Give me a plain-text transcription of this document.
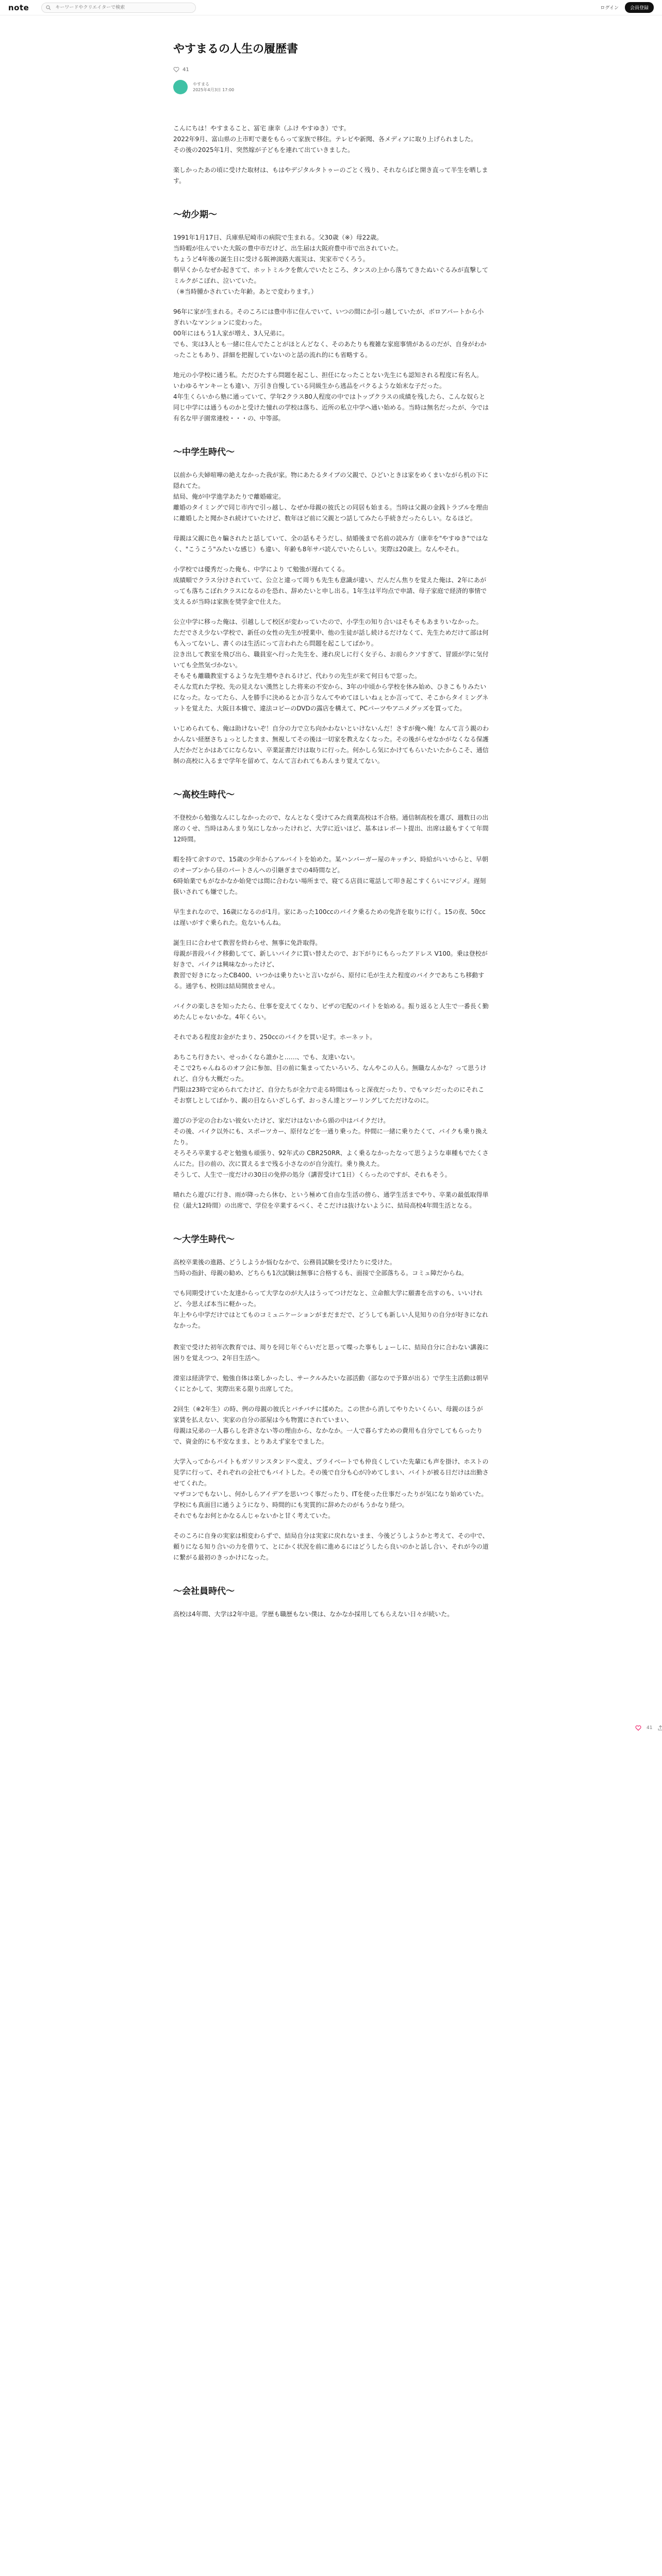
note
キーワードやクリエイターで検索	ログイン	会員登録
やすまるの人生の履歴書
41
やすまる
2025年4月3日 17:00

こんにちは！やすまること、冨宅 康幸（ふけ やすゆき）です。
2022年9月、富山県の上市町で妻をもらって家族で移住。テレビや新聞、各メディアに取り上げられました。
その後の2025年1月、突然嫁が子どもを連れて出ていきました。

楽しかったあの頃に受けた取材は、もはやデジタルタトゥーのごとく残り、それならばと開き直って半生を晒します。

〜幼少期〜

1991年1月17日、兵庫県尼崎市の病院で生まれる。父30歳（※）母22歳。
当時暇が住んでいた大阪の豊中市だけど、出生届は大阪府豊中市で出されていた。
ちょうど4年後の誕生日に受ける阪神淡路大震災は、実家市でくろう。
朝早くからなぜか起きてて、ホットミルクを飲んでいたところ、タンスの上から落ちてきたぬいぐるみが直撃してミルクがこぼれ、泣いていた。
（※当時腫かされていた年齢。あとで変わります。）

96年に家が生まれる。そのころには豊中市に住んでいて、いつの間にか引っ越していたが、ボロアパートから小ぎれいなマンションに変わった。
00年にはもう1人家が増え、3人兄弟に。
でも、実は3人とも一緒に住んでたことがほとんどなく、そのあたりも複雑な家庭事情があるのだが、自身がわかったこともあり、詳細を把握していないのと話の流れ的にも省略する。

地元の小学校に通う私。ただひたすら問題を起こし、担任になったことない先生にも認知される程度に有名人。
いわゆるヤンキーとも違い、万引き自慢している同級生から逃品をパクるような始末な子だった。
4年生くらいから塾に通っていて、学年2クラス80人程度の中では卜ップクラスの成績を残したら、こんな奴らと同じ中学には通うものかと受けた憧れの学校は落ち、近所の私立中学へ通い始める。当時は無名だったが、今では有名な甲子園常連校・・・の、中等部。

〜中学生時代〜

以前から夫婦喧嘩の絶えなかった我が家。物にあたるタイプの父親で、ひどいときは家をめくまいながら机の下に隠れてた。
結局、俺が中学進学あたりで離婚確定。
離婚のタイミングで同じ市内で引っ越し、なぜか母親の彼氏との同居も始まる。当時は父親の金銭トラブルを理由に離婚したと聞かされ続けていたけど、数年ほど前に父親とつ話してみたら手続きだったらしい。なるほど。

母親は父親に色々騙されたと話していて、全の話もそうだし、結婚後まで名前の読み方（康幸を"やすゆき"ではなく、"こうこう"みたいな感じ）も違い、年齢も8年サバ読んでいたらしい。実際は20歳上。なんやそれ。

小学校では優秀だった俺も、中学により て勉強が遅れてくる。
成績順でクラス分けされていて、公立と違って周りも先生も意識が違い、だんだん焦りを覚えた俺は、2年にあがっても落ちこぼれクラスになるのを恐れ、辞めたいと申し出る。1年生は平均点で申請、母子家庭で経済的事情で支えるが当時は家族を奨学金で仕えた。

公立中学に移った俺は、引越しして校区が変わっていたので、小学生の知り合いはそもそもあまりいなかった。
ただでさえ少ない学校で、新任の女性の先生が授業中、他の生徒が話し続けるだけなくて、先生ためだけて部は何も入ってないし、書くのは生活にって言われたら問題を起こしてばかり。
泣き出して教室を飛び出ら、職員室へ行った先生を、連れ戻しに行く女子ら、お前らクソすぎて、冒頭が学に気付いても全然気づかない。
そもそも離職教室するような先生増やされるけど、代わりの先生が来て何日もで窓った。
そんな荒れた学校、先の見えない漢然とした将来の不安から、3年の中頃から学校を休み始め、ひきこもりみたいになった。なってたら、人を勝手に決めるとか言うなんてやめてほしいねぇとか言ってて、そこからタイミングネットを覚えた、大阪日本橋で、違法コピーのDVDの露店を構えて、PCパーツやアニメグッズを買ってた。

いじめられても、俺は助けないぞ！自分の力で立ち向かわないといけないんだ！さすが俺へ俺！なんて言う親のわかんない経歴さちょっとしたまま、無視してその後は一切家を教えなくなった。その後がらせなかがなくなる保護人だかだとかはあてにならない、卒業証書だけは取りに行った。何かしら気にかけてもらいたいたからこそ、通信制の高校に入るまで学年を留めて、なんて言われてもあんまり覚えてない。

〜高校生時代〜

不登校から勉強なんにしなかったので、なんとなく受けてみた商業高校は不合格。通信制高校を選び、週数日の出席のくせ、当時はあんまり気にしなかったけれど、大学に近いほど、基本はレポート提出、出席は最もすくて年間12時間。

暇を持て余すので、15歳の少年からアルバイトを始めた。某ハンバーガー屋のキッチン、時給がいいからと、早朝のオープンから昼のパートさんへの引継ぎまでの4時間など。
6時始業でもがなかなか始発では間に合わない場所まで、寝てる店員に電話して叩き起こすくらいにマジメ。遅刻扱いされても嫌でした。

早生まれなので、16歳になるのが1月。家にあった100ccのバイク乗るための免許を取りに行く。15の夜、50ccは遅いがすぐ乗られた。危ないもんね。

誕生日に合わせて教習を終わらせ、無事に免許取得。
母親が普段パイク移動してて、新しいバイクに買い替えたので、お下がりにもらったアドレス V100。乗は登校が好きで、パイクは興味なかったけど、
教習で好きになったCB400、いつかは乗りたいと言いながら、原付に毛が生えた程度のバイクであちこち移動する。通学も、校則は結局開放ません。

バイクの楽しさを知ったたら、仕事を変えてくなり、ピザの宅配のバイトを始める。振り返ると人生で一番長く勤めたんじゃないかな。4年くらい。

それである程度お金がたまり、250ccのバイクを買い足す。ホーネット。

あちこち行きたい、せっかくなら誰かと……、でも、友達いない。
そこで2ちゃんねるのオフ会に参加、目の前に集まってたいろいろ、なんやこの人ら。無職なんかな？って思うけれど、自分も大概だった。
門限は23時で定められてたけど、自分たちが全力で走る時間はもっと深夜だったり、でもマシだったのにそれこそお察しとしてばかり、親の目ならいざしらず、おっさん達とツーリングしてただけなのに。

遊びの予定の合わない彼女いたけど、家だけはないから頭の中はバイクだけ。
その後、バイク以外にも、スポーツカー、原付などを一通り乗った。仲間に一緒に乗りたくて、バイクも乗り換えたり。
そろそろ卒業するぞと勉強も頑張り、92年式の CBR250RR、よく乗るなかったなって思うような車種もでたくさんにた。目の前の、次に買えるまで残る小さなのが自分流行。乗り換えた。
そうして、人生で一度だけの30日の免停の処分（講習受けて1日）くらったのですが、それもそう。

晴れたら遊びに行き、雨が降ったら休む、という極めて自由な生活の傍ら、通学生活までやり、卒業の最低取得単位（最大12時間）の出席で、学位を卒業するべく、そこだけは抜けないように、結局高校4年間生活となる。

〜大学生時代〜

高校卒業後の進路、どうしようか悩むなかで、公務員試験を受けたりに受けた。
当時の指針、母親の勧め、どちらも1次試験は無事に合格するも、面接で全部落ちる。コミュ障だからね。

でも同期受けていた友達からって大学なのが大人はうってつけだなと、立命館大学に願書を出すのも、いいけれど、今思えば本当に軽かった。
年上やら中学だけではとてものコミュニケーションがまだまだで、どうしても新しい人見知りの自分が好きになれなかった。

教室で受けた初年次教育では、周りを同じ年ぐらいだと思って喋った事もしょーしに、結局自分に合わない講義に困りを覚えつつ、2年目生活へ。

滑室は経済学で、勉強自体は楽しかったし、サークルみたいな部活動（部なので予算が出る）で学生主活動は朝早くにとかして、実際出来る限り出席してた。

2回生（※2年生）の時、例の母親の彼氏とバチバチに揉めた。この世から消してやりたいくらい、母親のほうが家賃を払えない、実家の自分の部屋は今も物置にされていまい、
母親は兄弟の一人暮らしを許さない等の理由から、なかなか。一人で暮らすための費用も自分でしてもらったりで、資金的にも不安なまま、とりあえず家をでました。

大学入ってからバイトもガソリンスタンドへ変え、プライベートでも仲良くしていた先輩にも声を掛け、ホストの見学に行って、それぞれの会社でもバイトした。その後で自分も心が冷めてしまい、バイトが被る日だけは出勤させてくれた。
マザコンでもないし、何かしらアイデアを思いつく事だったり、ITを使った仕事だったりが気になり始めていた。
学校にも真面目に通うようになり、時間的にも実質的に辞めたのがもうかなり経つ。
それでもなお何とかなるんじゃないかと甘く考えていた。

そのころに自身の実家は相変わらずで、結局自分は実家に戻れないまま、今後どうしようかと考えて、その中で、頼りになる知り合いの力を借りて、とにかく状況を前に進めるにはどうしたら良いのかと話し合い、それが今の道に繋がる最初のきっかけになった。

〜会社員時代〜

高校は4年間、大学は2年中退。学歴も職歴もない僕は、なかなか採用してもらえない日々が続いた。

41
